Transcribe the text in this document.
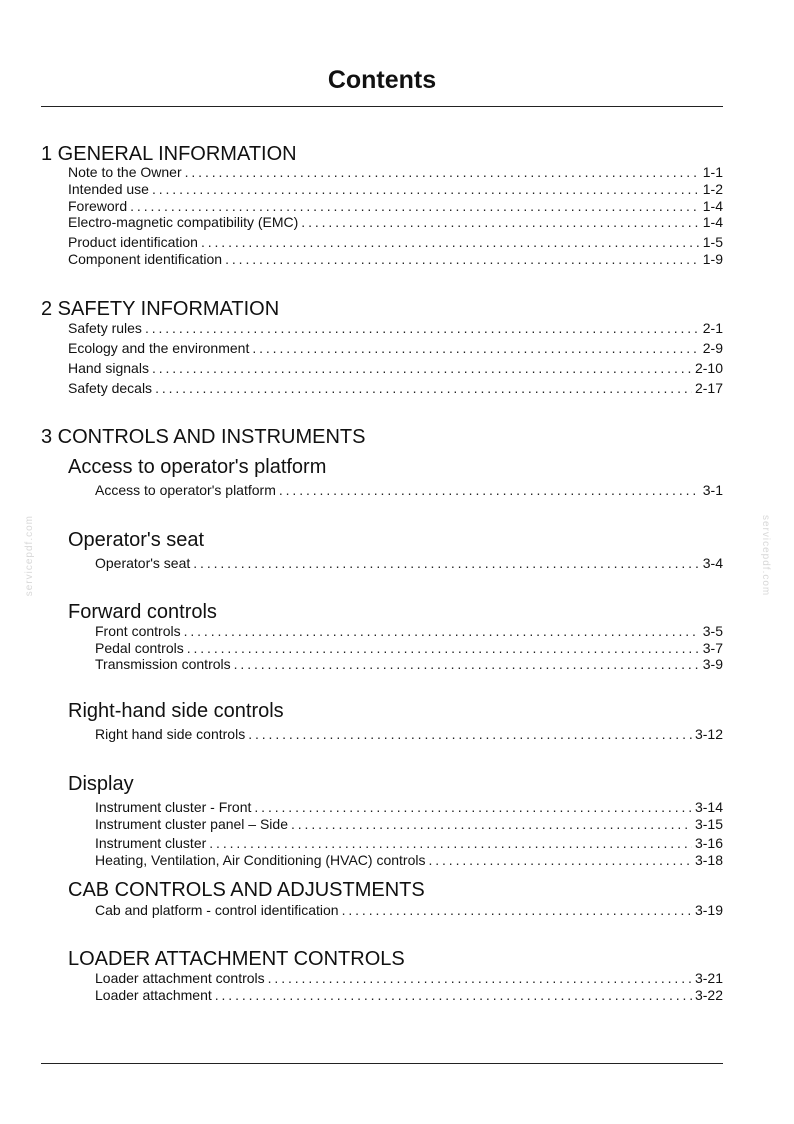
Contents
servicepdf.com	servicepdf.com
1 GENERAL INFORMATION
Note to the Owner . . .	1-1
Intended use . . .	1-2
Foreword . . .	1-4
Electro-magnetic compatibility (EMC) . . .	1-4
Product identification . . .	1-5
Component identification . . .	1-9
2 SAFETY INFORMATION
Safety rules . . .	2-1
Ecology and the environment . . .	2-9
Hand signals . . .	2-10
Safety decals . . .	2-17
3 CONTROLS AND INSTRUMENTS
Access to operator's platform
Access to operator's platform . . .	3-1
Operator's seat
Operator's seat . . .	3-4
Forward controls
Front controls . . .	3-5
Pedal controls . . .	3-7
Transmission controls . . .	3-9
Right-hand side controls
Right hand side controls . . .	3-12
Display
Instrument cluster - Front . . .	3-14
Instrument cluster panel – Side . . .	3-15
Instrument cluster . . .	3-16
Heating, Ventilation, Air Conditioning (HVAC) controls . . .	3-18
CAB CONTROLS AND ADJUSTMENTS
Cab and platform - control identification . . .	3-19
LOADER ATTACHMENT CONTROLS
Loader attachment controls . . .	3-21
Loader attachment . . .	3-22
